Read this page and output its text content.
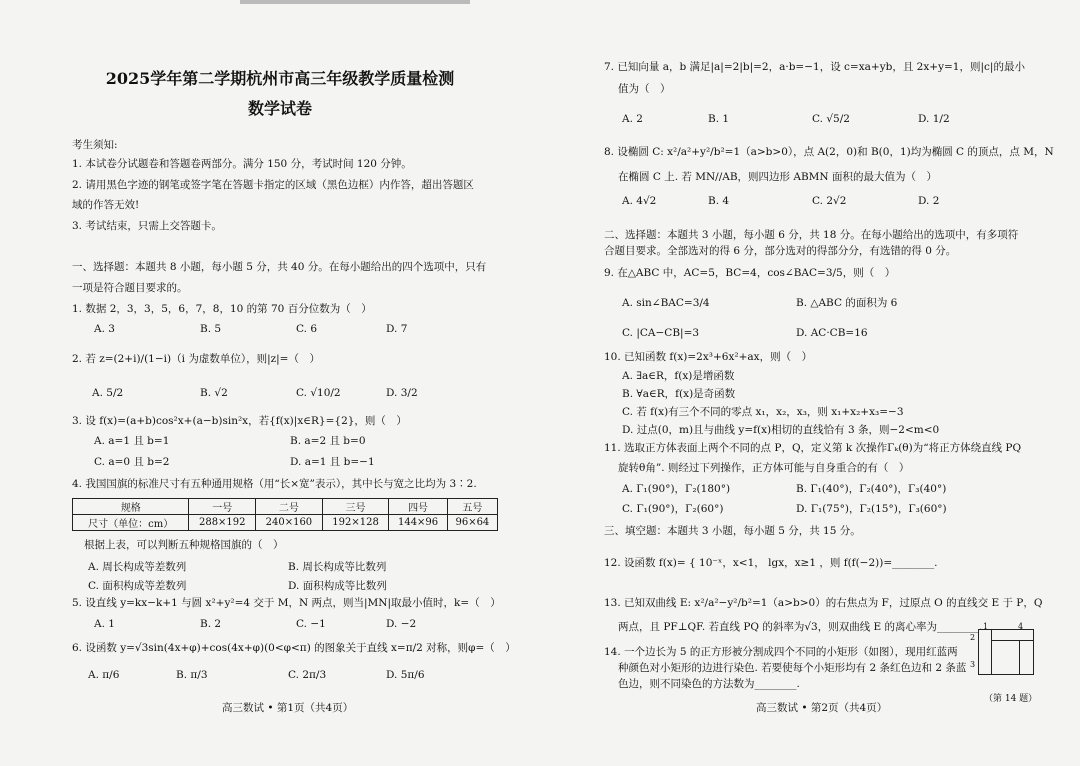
2025学年第二学期杭州市高三年级教学质量检测
数学试卷
考生须知:
1. 本试卷分试题卷和答题卷两部分。满分 150 分，考试时间 120 分钟。
2. 请用黑色字迹的钢笔或签字笔在答题卡指定的区域（黑色边框）内作答，超出答题区
域的作答无效!
3. 考试结束，只需上交答题卡。
一、选择题：本题共 8 小题，每小题 5 分，共 40 分。在每小题给出的四个选项中，只有
一项是符合题目要求的。
1. 数据 2，3，3，5，6，7，8，10 的第 70 百分位数为（　）
A. 3	B. 5	C. 6	D. 7
2. 若 z=(2+i)/(1−i)（i 为虚数单位），则|z|=（　）
A. 5/2	B. √2	C. √10/2	D. 3/2
3. 设 f(x)=(a+b)cos²x+(a−b)sin²x，若{f(x)|x∈R}={2}，则（　）
A. a=1 且 b=1	B. a=2 且 b=0
C. a=0 且 b=2	D. a=1 且 b=−1
4. 我国国旗的标准尺寸有五种通用规格（用“长×宽”表示），其中长与宽之比均为 3∶2.
规格	一号	二号	三号	四号	五号
尺寸（单位：cm）	288×192	240×160	192×128	144×96	96×64
根据上表，可以判断五种规格国旗的（　）
A. 周长构成等差数列	B. 周长构成等比数列
C. 面积构成等差数列	D. 面积构成等比数列
5. 设直线 y=kx−k+1 与圆 x²+y²=4 交于 M，N 两点，则当|MN|取最小值时，k=（　）
A. 1	B. 2	C. −1	D. −2
6. 设函数 y=√3sin(4x+φ)+cos(4x+φ)(0<φ<π) 的图象关于直线 x=π/2 对称，则φ=（　）
A. π/6	B. π/3	C. 2π/3	D. 5π/6
高三数试 • 第1页（共4页）
7. 已知向量 a，b 满足|a|=2|b|=2，a·b=−1，设 c=xa+yb，且 2x+y=1，则|c|的最小
值为（　）
A. 2	B. 1	C. √5/2	D. 1/2
8. 设椭圆 C: x²/a²+y²/b²=1（a>b>0），点 A(2，0)和 B(0，1)均为椭圆 C 的顶点，点 M，N
在椭圆 C 上. 若 MN//AB，则四边形 ABMN 面积的最大值为（　）
A. 4√2	B. 4	C. 2√2	D. 2
二、选择题：本题共 3 小题，每小题 6 分，共 18 分。在每小题给出的选项中，有多项符
合题目要求。全部选对的得 6 分，部分选对的得部分分，有选错的得 0 分。
9. 在△ABC 中，AC=5，BC=4，cos∠BAC=3/5，则（　）
A. sin∠BAC=3/4	B. △ABC 的面积为 6
C. |CA−CB|=3	D. AC·CB=16
10. 已知函数 f(x)=2x³+6x²+ax，则（　）
A. ∃a∈R，f(x)是增函数
B. ∀a∈R，f(x)是奇函数
C. 若 f(x)有三个不同的零点 x₁，x₂，x₃，则 x₁+x₂+x₃=−3
D. 过点(0，m)且与曲线 y=f(x)相切的直线恰有 3 条，则−2<m<0
11. 选取正方体表面上两个不同的点 P，Q，定义第 k 次操作Γₖ(θ)为“将正方体绕直线 PQ
旋转θ角”. 则经过下列操作，正方体可能与自身重合的有（　）
A. Γ₁(90°)，Γ₂(180°)	B. Γ₁(40°)，Γ₂(40°)，Γ₃(40°)
C. Γ₁(90°)，Γ₂(60°)	D. Γ₁(75°)，Γ₂(15°)，Γ₃(60°)
三、填空题：本题共 3 小题，每小题 5 分，共 15 分。
12. 设函数 f(x)= { 10⁻ˣ，x<1， lgx，x≥1 ，则 f(f(−2))=________.
13. 已知双曲线 E: x²/a²−y²/b²=1（a>b>0）的右焦点为 F，过原点 O 的直线交 E 于 P，Q
两点，且 PF⊥QF. 若直线 PQ 的斜率为√3，则双曲线 E 的离心率为________.
14. 一个边长为 5 的正方形被分割成四个不同的小矩形（如图），现用红蓝两
种颜色对小矩形的边进行染色. 若要使每个小矩形均有 2 条红色边和 2 条蓝
色边，则不同染色的方法数为________.
1	4
2
3
（第 14 题）
高三数试 • 第2页（共4页）
